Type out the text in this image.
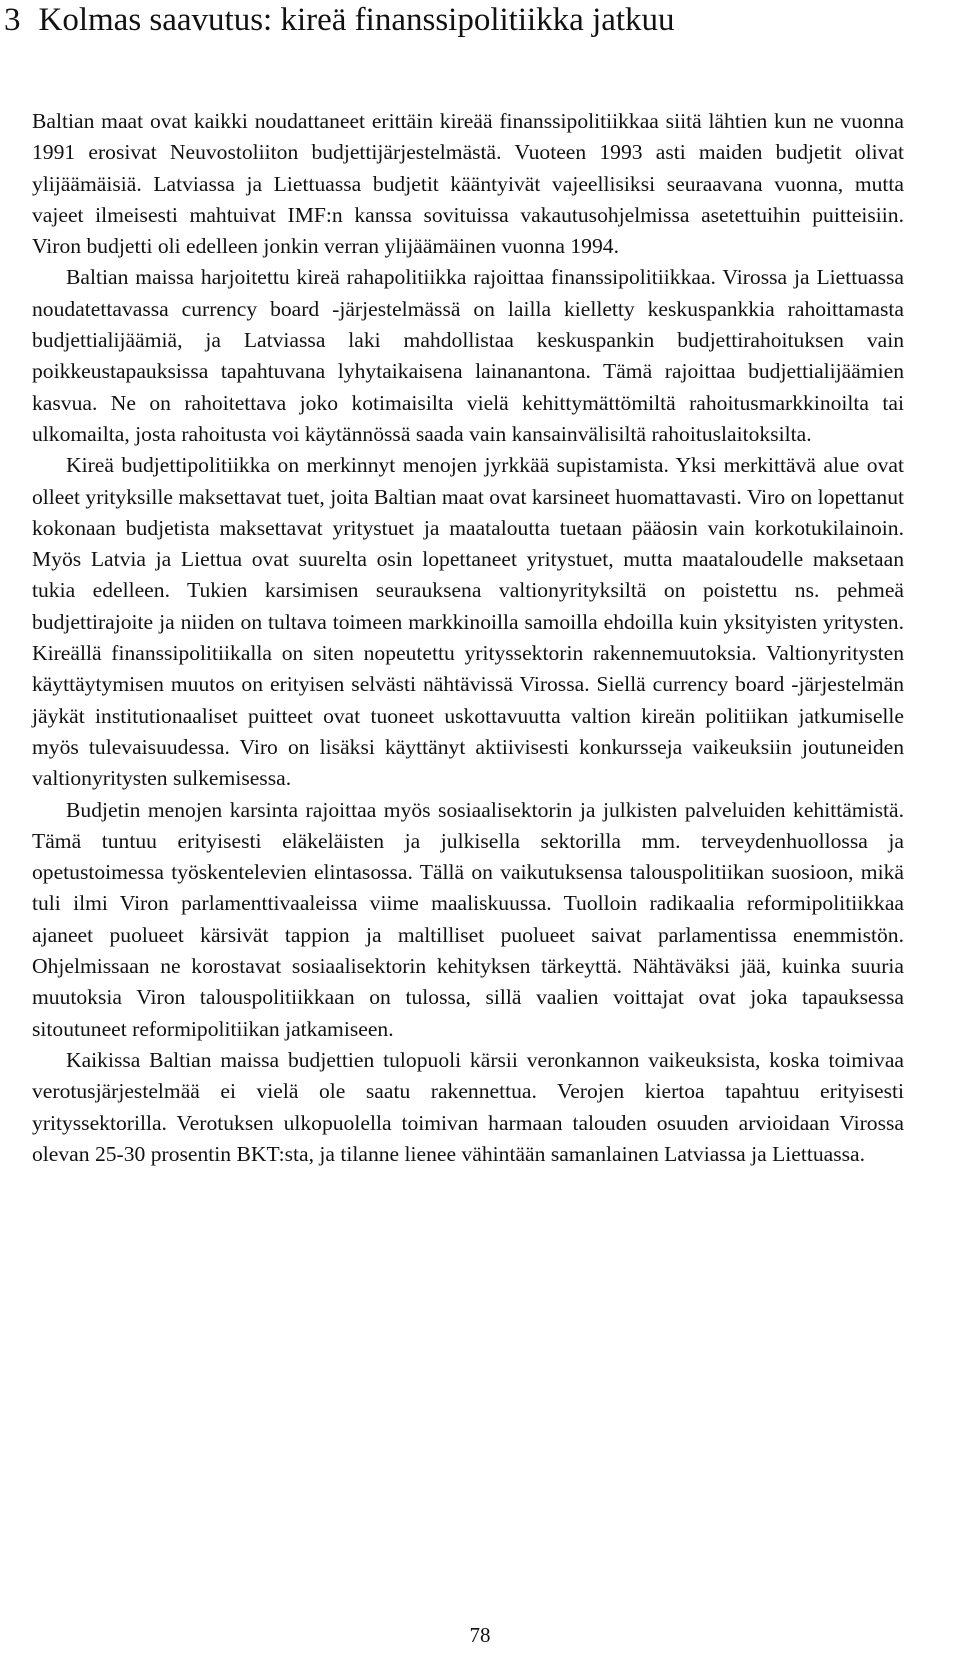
3 Kolmas saavutus: kireä finanssipolitiikka jatkuu

Baltian maat ovat kaikki noudattaneet erittäin kireää finanssipolitiikkaa siitä lähtien kun ne vuonna 1991 erosivat Neuvostoliiton budjettijärjestelmästä. Vuoteen 1993 asti maiden budjetit olivat ylijäämäisiä. Latviassa ja Liettuassa budjetit kääntyivät vajeellisiksi seuraavana vuonna, mutta vajeet ilmeisesti mahtuivat IMF:n kanssa sovituissa vakautusohjelmissa asetettuihin puitteisiin. Viron budjetti oli edelleen jonkin verran ylijäämäinen vuonna 1994.

Baltian maissa harjoitettu kireä rahapolitiikka rajoittaa finanssipolitiikkaa. Virossa ja Liettuassa noudatettavassa currency board -järjestelmässä on lailla kielletty keskuspankkia rahoittamasta budjettialijäämiä, ja Latviassa laki mahdollistaa keskuspankin budjettirahoituksen vain poikkeustapauksissa tapahtuvana lyhytaikaisena lainanantona. Tämä rajoittaa budjettialijäämien kasvua. Ne on rahoitettava joko kotimaisilta vielä kehittymättömiltä rahoitusmarkkinoilta tai ulkomailta, josta rahoitusta voi käytännössä saada vain kansainvälisiltä rahoituslaitoksilta.

Kireä budjettipolitiikka on merkinnyt menojen jyrkkää supistamista. Yksi merkittävä alue ovat olleet yrityksille maksettavat tuet, joita Baltian maat ovat karsineet huomattavasti. Viro on lopettanut kokonaan budjetista maksettavat yritystuet ja maataloutta tuetaan pääosin vain korkotukilainoin. Myös Latvia ja Liettua ovat suurelta osin lopettaneet yritystuet, mutta maataloudelle maksetaan tukia edelleen. Tukien karsimisen seurauksena valtionyrityksiltä on poistettu ns. pehmeä budjettirajoite ja niiden on tultava toimeen markkinoilla samoilla ehdoilla kuin yksityisten yritysten. Kireällä finanssipolitiikalla on siten nopeutettu yrityssektorin rakennemuutoksia. Valtionyritysten käyttäytymisen muutos on erityisen selvästi nähtävissä Virossa. Siellä currency board -järjestelmän jäykät institutionaaliset puitteet ovat tuoneet uskottavuutta valtion kireän politiikan jatkumiselle myös tulevaisuudessa. Viro on lisäksi käyttänyt aktiivisesti konkursseja vaikeuksiin joutuneiden valtionyritysten sulkemisessa.

Budjetin menojen karsinta rajoittaa myös sosiaalisektorin ja julkisten palveluiden kehittämistä. Tämä tuntuu erityisesti eläkeläisten ja julkisella sektorilla mm. terveydenhuollossa ja opetustoimessa työskentelevien elintasossa. Tällä on vaikutuksensa talouspolitiikan suosioon, mikä tuli ilmi Viron parlamenttivaaleissa viime maaliskuussa. Tuolloin radikaalia reformipolitiikkaa ajaneet puolueet kärsivät tappion ja maltilliset puolueet saivat parlamentissa enemmistön. Ohjelmissaan ne korostavat sosiaalisektorin kehityksen tärkeyttä. Nähtäväksi jää, kuinka suuria muutoksia Viron talouspolitiikkaan on tulossa, sillä vaalien voittajat ovat joka tapauksessa sitoutuneet reformipolitiikan jatkamiseen.

Kaikissa Baltian maissa budjettien tulopuoli kärsii veronkannon vaikeuksista, koska toimivaa verotusjärjestelmää ei vielä ole saatu rakennettua. Verojen kiertoa tapahtuu erityisesti yrityssektorilla. Verotuksen ulkopuolella toimivan harmaan talouden osuuden arvioidaan Virossa olevan 25-30 prosentin BKT:sta, ja tilanne lienee vähintään samanlainen Latviassa ja Liettuassa.

78
